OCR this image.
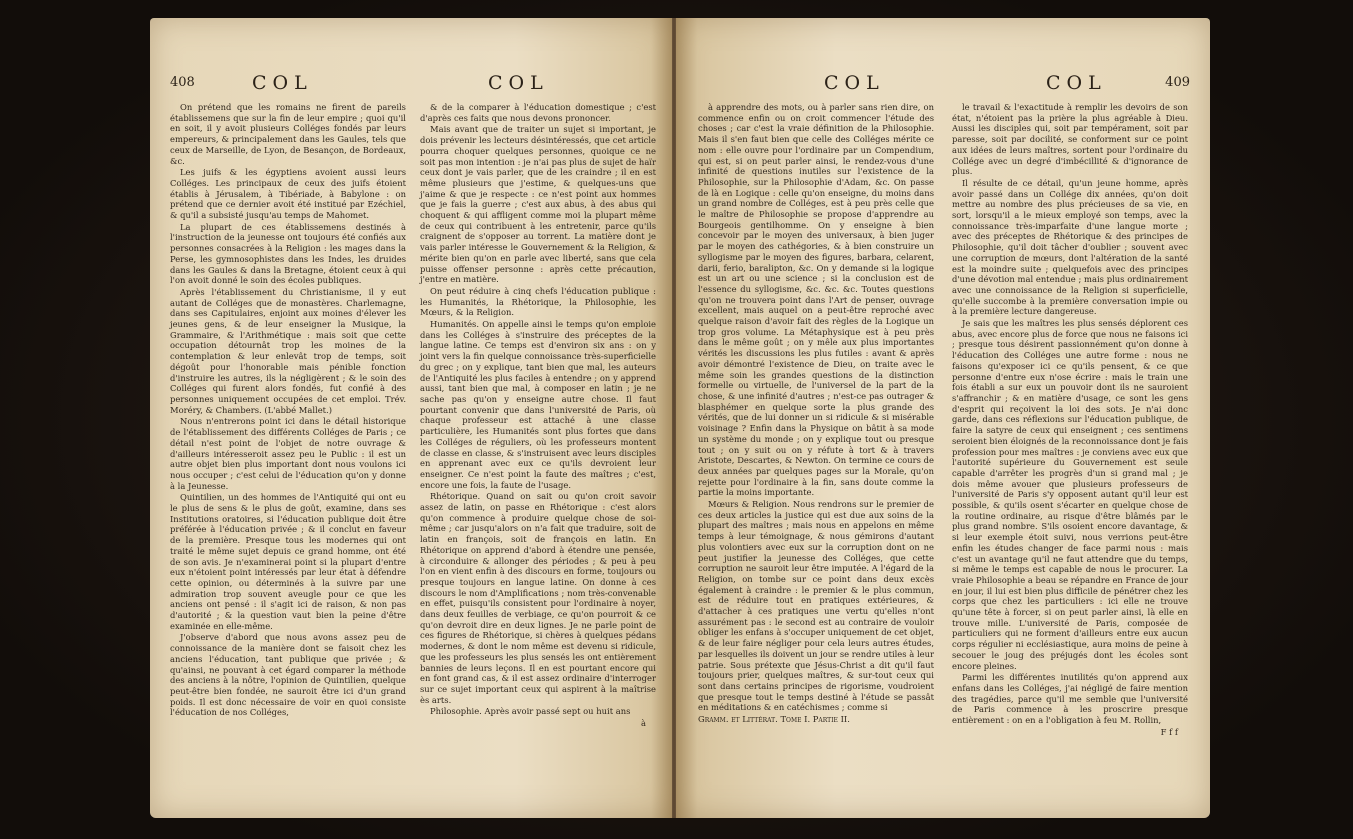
408	COL	COL

On prétend que les romains ne firent de pareils établissemens que sur la fin de leur empire ; quoi qu'il en soit, il y avoit plusieurs Colléges fondés par leurs empereurs, & principalement dans les Gaules, tels que ceux de Marseille, de Lyon, de Besançon, de Bordeaux, &c.

Les juifs & les égyptiens avoient aussi leurs Colléges. Les principaux de ceux des juifs étoient établis à Jérusalem, à Tibériade, à Babylone : on prétend que ce dernier avoit été institué par Ezéchiel, & qu'il a subsisté jusqu'au temps de Mahomet.

La plupart de ces établissemens destinés à l'instruction de la jeunesse ont toujours été confiés aux personnes consacrées à la Religion : les mages dans la Perse, les gymnosophistes dans les Indes, les druides dans les Gaules & dans la Bretagne, étoient ceux à qui l'on avoit donné le soin des écoles publiques.

Après l'établissement du Christianisme, il y eut autant de Colléges que de monastères. Charlemagne, dans ses Capitulaires, enjoint aux moines d'élever les jeunes gens, & de leur enseigner la Musique, la Grammaire, & l'Arithmétique : mais soit que cette occupation détournât trop les moines de la contemplation & leur enlevât trop de temps, soit dégoût pour l'honorable mais pénible fonction d'instruire les autres, ils la négligèrent ; & le soin des Colléges qui furent alors fondés, fut confié à des personnes uniquement occupées de cet emploi. Trév. Moréry, & Chambers. (L'abbé Mallet.)

Nous n'entrerons point ici dans le détail historique de l'établissement des différents Colléges de Paris ; ce détail n'est point de l'objet de notre ouvrage & d'ailleurs intéresseroit assez peu le Public : il est un autre objet bien plus important dont nous voulons ici nous occuper ; c'est celui de l'éducation qu'on y donne à la Jeunesse.

Quintilien, un des hommes de l'Antiquité qui ont eu le plus de sens & le plus de goût, examine, dans ses Institutions oratoires, si l'éducation publique doit être préférée à l'éducation privée ; & il conclut en faveur de la première. Presque tous les modernes qui ont traité le même sujet depuis ce grand homme, ont été de son avis. Je n'examinerai point si la plupart d'entre eux n'étoient point intéressés par leur état à défendre cette opinion, ou déterminés à la suivre par une admiration trop souvent aveugle pour ce que les anciens ont pensé : il s'agit ici de raison, & non pas d'autorité ; & la question vaut bien la peine d'être examinée en elle-même.

J'observe d'abord que nous avons assez peu de connoissance de la manière dont se faisoit chez les anciens l'éducation, tant publique que privée ; & qu'ainsi, ne pouvant à cet égard comparer la méthode des anciens à la nôtre, l'opinion de Quintilien, quelque peut-être bien fondée, ne sauroit être ici d'un grand poids. Il est donc nécessaire de voir en quoi consiste l'éducation de nos Colléges,

& de la comparer à l'éducation domestique ; c'est d'après ces faits que nous devons prononcer.

Mais avant que de traiter un sujet si important, je dois prévenir les lecteurs désintéressés, que cet article pourra choquer quelques personnes, quoique ce ne soit pas mon intention : je n'ai pas plus de sujet de haïr ceux dont je vais parler, que de les craindre ; il en est même plusieurs que j'estime, & quelques-uns que j'aime & que je respecte : ce n'est point aux hommes que je fais la guerre ; c'est aux abus, à des abus qui choquent & qui affligent comme moi la plupart même de ceux qui contribuent à les entretenir, parce qu'ils craignent de s'opposer au torrent. La matière dont je vais parler intéresse le Gouvernement & la Religion, & mérite bien qu'on en parle avec liberté, sans que cela puisse offenser personne : après cette précaution, j'entre en matière.

On peut réduire à cinq chefs l'éducation publique : les Humanités, la Rhétorique, la Philosophie, les Mœurs, & la Religion.

Humanités. On appelle ainsi le temps qu'on emploie dans les Colléges à s'instruire des préceptes de la langue latine. Ce temps est d'environ six ans : on y joint vers la fin quelque connoissance très-superficielle du grec ; on y explique, tant bien que mal, les auteurs de l'Antiquité les plus faciles à entendre ; on y apprend aussi, tant bien que mal, à composer en latin ; je ne sache pas qu'on y enseigne autre chose. Il faut pourtant convenir que dans l'université de Paris, où chaque professeur est attaché à une classe particulière, les Humanités sont plus fortes que dans les Colléges de réguliers, où les professeurs montent de classe en classe, & s'instruisent avec leurs disciples en apprenant avec eux ce qu'ils devroient leur enseigner. Ce n'est point la faute des maîtres ; c'est, encore une fois, la faute de l'usage.

Rhétorique. Quand on sait ou qu'on croit savoir assez de latin, on passe en Rhétorique : c'est alors qu'on commence à produire quelque chose de soi-même ; car jusqu'alors on n'a fait que traduire, soit de latin en françois, soit de françois en latin. En Rhétorique on apprend d'abord à étendre une pensée, à circonduire & allonger des périodes ; & peu à peu l'on en vient enfin à des discours en forme, toujours ou presque toujours en langue latine. On donne à ces discours le nom d'Amplifications ; nom très-convenable en effet, puisqu'ils consistent pour l'ordinaire à noyer, dans deux feuilles de verbiage, ce qu'on pourroit & ce qu'on devroit dire en deux lignes. Je ne parle point de ces figures de Rhétorique, si chères à quelques pédans modernes, & dont le nom même est devenu si ridicule, que les professeurs les plus sensés les ont entièrement bannies de leurs leçons. Il en est pourtant encore qui en font grand cas, & il est assez ordinaire d'interroger sur ce sujet important ceux qui aspirent à la maîtrise ès arts.

Philosophie. Après avoir passé sept ou huit ans

à

COL	COL	409

à apprendre des mots, ou à parler sans rien dire, on commence enfin ou on croit commencer l'étude des choses ; car c'est la vraie définition de la Philosophie. Mais il s'en faut bien que celle des Colléges mérite ce nom : elle ouvre pour l'ordinaire par un Compendium, qui est, si on peut parler ainsi, le rendez-vous d'une infinité de questions inutiles sur l'existence de la Philosophie, sur la Philosophie d'Adam, &c. On passe de là en Logique : celle qu'on enseigne, du moins dans un grand nombre de Colléges, est à peu près celle que le maître de Philosophie se propose d'apprendre au Bourgeois gentilhomme. On y enseigne à bien concevoir par le moyen des universaux, à bien juger par le moyen des cathégories, & à bien construire un syllogisme par le moyen des figures, barbara, celarent, darii, ferio, baralipton, &c. On y demande si la logique est un art ou une science ; si la conclusion est de l'essence du syllogisme, &c. &c. &c. Toutes questions qu'on ne trouvera point dans l'Art de penser, ouvrage excellent, mais auquel on a peut-être reproché avec quelque raison d'avoir fait des règles de la Logique un trop gros volume. La Métaphysique est à peu près dans le même goût ; on y mêle aux plus importantes vérités les discussions les plus futiles : avant & après avoir démontré l'existence de Dieu, on traite avec le même soin les grandes questions de la distinction formelle ou virtuelle, de l'universel de la part de la chose, & une infinité d'autres ; n'est-ce pas outrager & blasphémer en quelque sorte la plus grande des vérités, que de lui donner un si ridicule & si misérable voisinage ? Enfin dans la Physique on bâtit à sa mode un système du monde ; on y explique tout ou presque tout ; on y suit ou on y réfute à tort & à travers Aristote, Descartes, & Newton. On termine ce cours de deux années par quelques pages sur la Morale, qu'on rejette pour l'ordinaire à la fin, sans doute comme la partie la moins importante.

Mœurs & Religion. Nous rendrons sur le premier de ces deux articles la justice qui est due aux soins de la plupart des maîtres ; mais nous en appelons en même temps à leur témoignage, & nous gémirons d'autant plus volontiers avec eux sur la corruption dont on ne peut justifier la jeunesse des Colléges, que cette corruption ne sauroit leur être imputée. A l'égard de la Religion, on tombe sur ce point dans deux excès également à craindre : le premier & le plus commun, est de réduire tout en pratiques extérieures, & d'attacher à ces pratiques une vertu qu'elles n'ont assurément pas : le second est au contraire de vouloir obliger les enfans à s'occuper uniquement de cet objet, & de leur faire négliger pour cela leurs autres études, par lesquelles ils doivent un jour se rendre utiles à leur patrie. Sous prétexte que Jésus-Christ a dit qu'il faut toujours prier, quelques maîtres, & sur-tout ceux qui sont dans certains principes de rigorisme, voudroient que presque tout le temps destiné à l'étude se passât en méditations & en catéchismes ; comme si

Gramm. et Littérat. Tome I. Partie II.

le travail & l'exactitude à remplir les devoirs de son état, n'étoient pas la prière la plus agréable à Dieu. Aussi les disciples qui, soit par tempérament, soit par paresse, soit par docilité, se conforment sur ce point aux idées de leurs maîtres, sortent pour l'ordinaire du Collége avec un degré d'imbécillité & d'ignorance de plus.

Il résulte de ce détail, qu'un jeune homme, après avoir passé dans un Collége dix années, qu'on doit mettre au nombre des plus précieuses de sa vie, en sort, lorsqu'il a le mieux employé son temps, avec la connoissance très-imparfaite d'une langue morte ; avec des préceptes de Rhétorique & des principes de Philosophie, qu'il doit tâcher d'oublier ; souvent avec une corruption de mœurs, dont l'altération de la santé est la moindre suite ; quelquefois avec des principes d'une dévotion mal entendue ; mais plus ordinairement avec une connoissance de la Religion si superficielle, qu'elle succombe à la première conversation impie ou à la première lecture dangereuse.

Je sais que les maîtres les plus sensés déplorent ces abus, avec encore plus de force que nous ne faisons ici ; presque tous désirent passionnément qu'on donne à l'éducation des Colléges une autre forme : nous ne faisons qu'exposer ici ce qu'ils pensent, & ce que personne d'entre eux n'ose écrire : mais le train une fois établi a sur eux un pouvoir dont ils ne sauroient s'affranchir ; & en matière d'usage, ce sont les gens d'esprit qui reçoivent la loi des sots. Je n'ai donc garde, dans ces réflexions sur l'éducation publique, de faire la satyre de ceux qui enseignent ; ces sentimens seroient bien éloignés de la reconnoissance dont je fais profession pour mes maîtres : je conviens avec eux que l'autorité supérieure du Gouvernement est seule capable d'arrêter les progrès d'un si grand mal ; je dois même avouer que plusieurs professeurs de l'université de Paris s'y opposent autant qu'il leur est possible, & qu'ils osent s'écarter en quelque chose de la routine ordinaire, au risque d'être blâmés par le plus grand nombre. S'ils osoient encore davantage, & si leur exemple étoit suivi, nous verrions peut-être enfin les études changer de face parmi nous : mais c'est un avantage qu'il ne faut attendre que du temps, si même le temps est capable de nous le procurer. La vraie Philosophie a beau se répandre en France de jour en jour, il lui est bien plus difficile de pénétrer chez les corps que chez les particuliers : ici elle ne trouve qu'une tête à forcer, si on peut parler ainsi, là elle en trouve mille. L'université de Paris, composée de particuliers qui ne forment d'ailleurs entre eux aucun corps régulier ni ecclésiastique, aura moins de peine à secouer le joug des préjugés dont les écoles sont encore pleines.

Parmi les différentes inutilités qu'on apprend aux enfans dans les Colléges, j'ai négligé de faire mention des tragédies, parce qu'il me semble que l'université de Paris commence à les proscrire presque entièrement : on en a l'obligation à feu M. Rollin,

F f f
